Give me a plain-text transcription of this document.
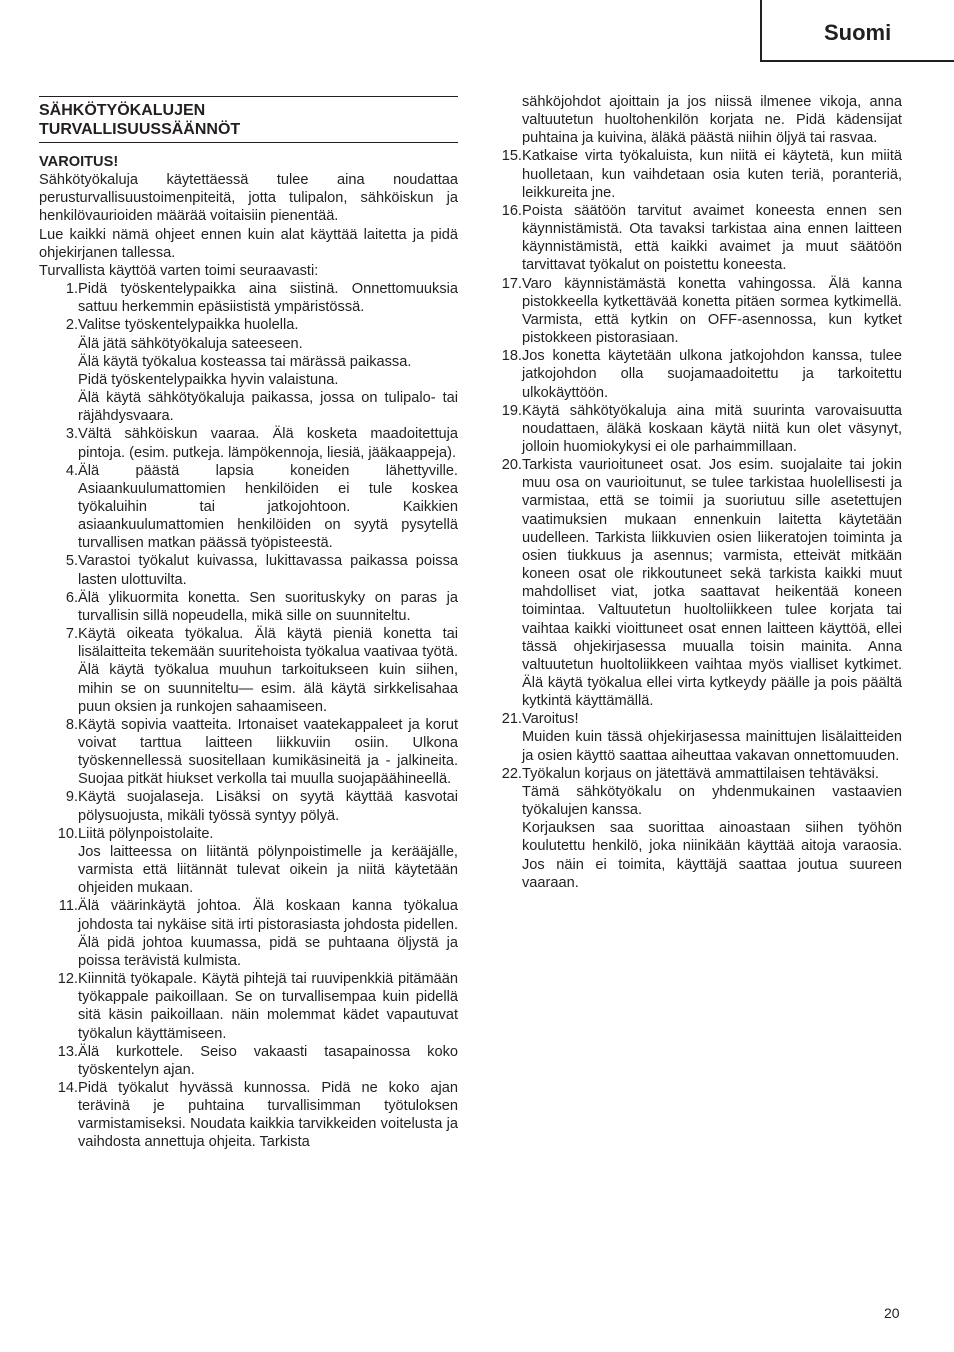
Suomi

SÄHKÖTYÖKALUJEN

TURVALLISUUSSÄÄNNÖT

VAROITUS!
Sähkötyökaluja käytettäessä tulee aina noudattaa perusturvallisuustoimenpiteitä, jotta tulipalon, sähköiskun ja henkilövaurioiden määrää voitaisiin pienentää.
Lue kaikki nämä ohjeet ennen kuin alat käyttää laitetta ja pidä ohjekirjanen tallessa.
Turvallista käyttöä varten toimi seuraavasti:
1. Pidä työskentelypaikka aina siistinä. Onnettomuuksia sattuu herkemmin epäsiististä ympäristössä.
2. Valitse työskentelypaikka huolella.
Älä jätä sähkötyökaluja sateeseen.
Älä käytä työkalua kosteassa tai märässä paikassa.
Pidä työskentelypaikka hyvin valaistuna.
Älä käytä sähkötyökaluja paikassa, jossa on tulipalo- tai räjähdysvaara.
3. Vältä sähköiskun vaaraa. Älä kosketa maadoitettuja pintoja. (esim. putkeja. lämpökennoja, liesiä, jääkaappeja).
4. Älä päästä lapsia koneiden lähettyville. Asiaankuulumattomien henkilöiden ei tule koskea työkaluihin tai jatkojohtoon. Kaikkien asiaankuulumattomien henkilöiden on syytä pysytellä turvallisen matkan päässä työpisteestä.
5. Varastoi työkalut kuivassa, lukittavassa paikassa poissa lasten ulottuvilta.
6. Älä ylikuormita konetta. Sen suorituskyky on paras ja turvallisin sillä nopeudella, mikä sille on suunniteltu.
7. Käytä oikeata työkalua. Älä käytä pieniä konetta tai lisälaitteita tekemään suuritehoista työkalua vaativaa työtä. Älä käytä työkalua muuhun tarkoitukseen kuin siihen, mihin se on suunniteltu— esim. älä käytä sirkkelisahaa puun oksien ja runkojen sahaamiseen.
8. Käytä sopivia vaatteita. Irtonaiset vaatekappaleet ja korut voivat tarttua laitteen liikkuviin osiin. Ulkona työskennellessä suositellaan kumikäsineitä ja - jalkineita. Suojaa pitkät hiukset verkolla tai muulla suojapäähineellä.
9. Käytä suojalaseja. Lisäksi on syytä käyttää kasvotai pölysuojusta, mikäli työssä syntyy pölyä.
10. Liitä pölynpoistolaite.
Jos laitteessa on liitäntä pölynpoistimelle ja kerääjälle, varmista että liitännät tulevat oikein ja niitä käytetään ohjeiden mukaan.
11. Älä väärinkäytä johtoa. Älä koskaan kanna työkalua johdosta tai nykäise sitä irti pistorasiasta johdosta pidellen. Älä pidä johtoa kuumassa, pidä se puhtaana öljystä ja poissa terävistä kulmista.
12. Kiinnitä työkapale. Käytä pihtejä tai ruuvipenkkiä pitämään työkappale paikoillaan. Se on turvallisempaa kuin pidellä sitä käsin paikoillaan. näin molemmat kädet vapautuvat työkalun käyttämiseen.
13. Älä kurkottele. Seiso vakaasti tasapainossa koko työskentelyn ajan.
14. Pidä työkalut hyvässä kunnossa. Pidä ne koko ajan terävinä je puhtaina turvallisimman työtuloksen varmistamiseksi. Noudata kaikkia tarvikkeiden voitelusta ja vaihdosta annettuja ohjeita. Tarkista
sähköjohdot ajoittain ja jos niissä ilmenee vikoja, anna valtuutetun huoltohenkilön korjata ne. Pidä kädensijat puhtaina ja kuivina, äläkä päästä niihin öljyä tai rasvaa.
15. Katkaise virta työkaluista, kun niitä ei käytetä, kun miitä huolletaan, kun vaihdetaan osia kuten teriä, poranteriä, leikkureita jne.
16. Poista säätöön tarvitut avaimet koneesta ennen sen käynnistämistä. Ota tavaksi tarkistaa aina ennen laitteen käynnistämistä, että kaikki avaimet ja muut säätöön tarvittavat työkalut on poistettu koneesta.
17. Varo käynnistämästä konetta vahingossa. Älä kanna pistokkeella kytkettävää konetta pitäen sormea kytkimellä. Varmista, että kytkin on OFF-asennossa, kun kytket pistokkeen pistorasiaan.
18. Jos konetta käytetään ulkona jatkojohdon kanssa, tulee jatkojohdon olla suojamaadoitettu ja tarkoitettu ulkokäyttöön.
19. Käytä sähkötyökaluja aina mitä suurinta varovaisuutta noudattaen, äläkä koskaan käytä niitä kun olet väsynyt, jolloin huomiokykysi ei ole parhaimmillaan.
20. Tarkista vaurioituneet osat. Jos esim. suojalaite tai jokin muu osa on vaurioitunut, se tulee tarkistaa huolellisesti ja varmistaa, että se toimii ja suoriutuu sille asetettujen vaatimuksien mukaan ennenkuin laitetta käytetään uudelleen. Tarkista liikkuvien osien liikeratojen toiminta ja osien tiukkuus ja asennus; varmista, etteivät mitkään koneen osat ole rikkoutuneet sekä tarkista kaikki muut mahdolliset viat, jotka saattavat heikentää koneen toimintaa. Valtuutetun huoltoliikkeen tulee korjata tai vaihtaa kaikki vioittuneet osat ennen laitteen käyttöä, ellei tässä ohjekirjasessa muualla toisin mainita. Anna valtuutetun huoltoliikkeen vaihtaa myös vialliset kytkimet. Älä käytä työkalua ellei virta kytkeydy päälle ja pois päältä kytkintä käyttämällä.
21. Varoitus!
Muiden kuin tässä ohjekirjasessa mainittujen lisälaitteiden ja osien käyttö saattaa aiheuttaa vakavan onnettomuuden.
22. Työkalun korjaus on jätettävä ammattilaisen tehtäväksi.
Tämä sähkötyökalu on yhdenmukainen vastaavien työkalujen kanssa.
Korjauksen saa suorittaa ainoastaan siihen työhön koulutettu henkilö, joka niinikään käyttää aitoja varaosia. Jos näin ei toimita, käyttäjä saattaa joutua suureen vaaraan.
20
